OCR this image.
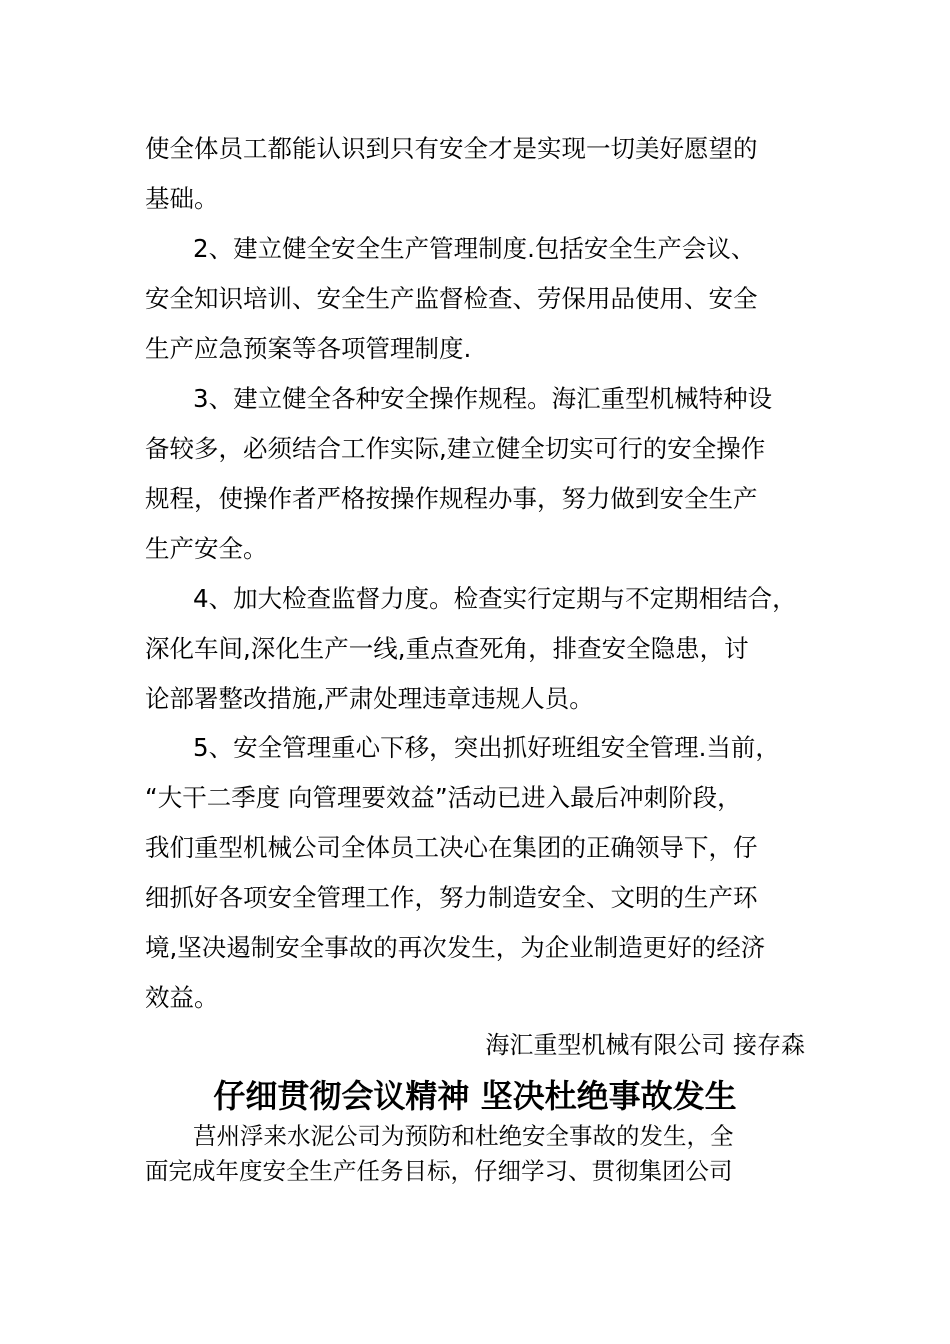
使全体员工都能认识到只有安全才是实现一切美好愿望的
基础。
2、建立健全安全生产管理制度.包括安全生产会议、
安全知识培训、安全生产监督检查、劳保用品使用、安全
生产应急预案等各项管理制度.
3、建立健全各种安全操作规程。海汇重型机械特种设
备较多，必须结合工作实际,建立健全切实可行的安全操作
规程，使操作者严格按操作规程办事，努力做到安全生产
生产安全。
4、加大检查监督力度。检查实行定期与不定期相结合，
深化车间,深化生产一线,重点查死角，排查安全隐患，讨
论部署整改措施,严肃处理违章违规人员。
5、安全管理重心下移，突出抓好班组安全管理.当前，
“大干二季度 向管理要效益”活动已进入最后冲刺阶段，
我们重型机械公司全体员工决心在集团的正确领导下，仔
细抓好各项安全管理工作，努力制造安全、文明的生产环
境,坚决遏制安全事故的再次发生，为企业制造更好的经济
效益。
海汇重型机械有限公司 接存森
仔细贯彻会议精神 坚决杜绝事故发生
莒州浮来水泥公司为预防和杜绝安全事故的发生，全
面完成年度安全生产任务目标，仔细学习、贯彻集团公司
